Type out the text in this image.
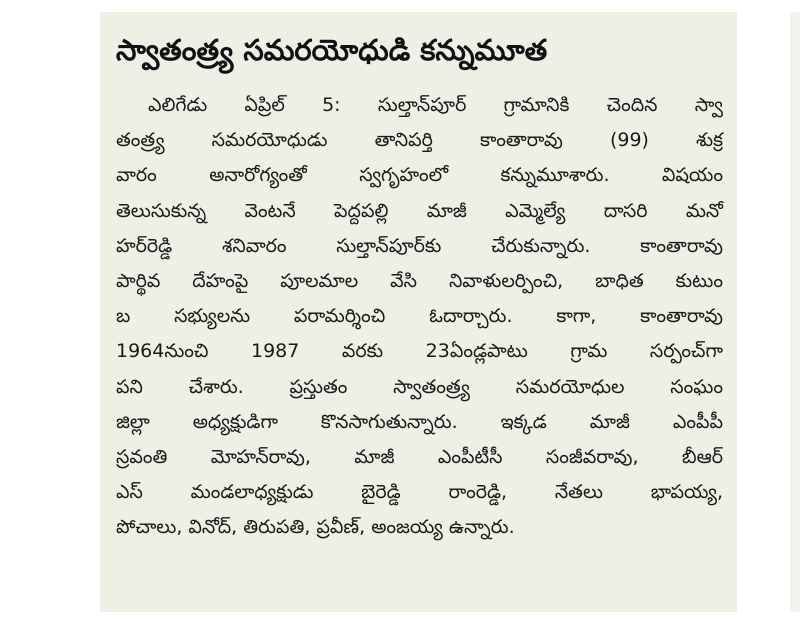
స్వాతంత్ర్య సమరయోధుడి కన్నుమూత
ఎలిగేడు ఏప్రిల్ 5: సుల్తాన్‌పూర్ గ్రామానికి చెందిన స్వా
తంత్ర్య సమరయోధుడు తానిపర్తి కాంతారావు (99) శుక్ర
వారం అనారోగ్యంతో స్వగృహంలో కన్నుమూశారు. విషయం
తెలుసుకున్న వెంటనే పెద్దపల్లి మాజీ ఎమ్మెల్యే దాసరి మనో
హర్‌రెడ్డి శనివారం సుల్తాన్‌పూర్‌కు చేరుకున్నారు. కాంతారావు
పార్థివ దేహంపై పూలమాల వేసి నివాళులర్పించి, బాధిత కుటుం
బ సభ్యులను పరామర్శించి ఓదార్చారు. కాగా, కాంతారావు
1964నుంచి 1987 వరకు 23ఏండ్లపాటు గ్రామ సర్పంచ్‌గా
పని చేశారు. ప్రస్తుతం స్వాతంత్ర్య సమరయోధుల సంఘం
జిల్లా అధ్యక్షుడిగా కొనసాగుతున్నారు. ఇక్కడ మాజీ ఎంపీపీ
స్రవంతి మోహన్‌రావు, మాజీ ఎంపీటీసీ సంజీవరావు, బీఆర్
ఎస్ మండలాధ్యక్షుడు బైరెడ్డి రాంరెడ్డి, నేతలు భాపయ్య,
పోచాలు, వినోద్, తిరుపతి, ప్రవీణ్, అంజయ్య ఉన్నారు.
